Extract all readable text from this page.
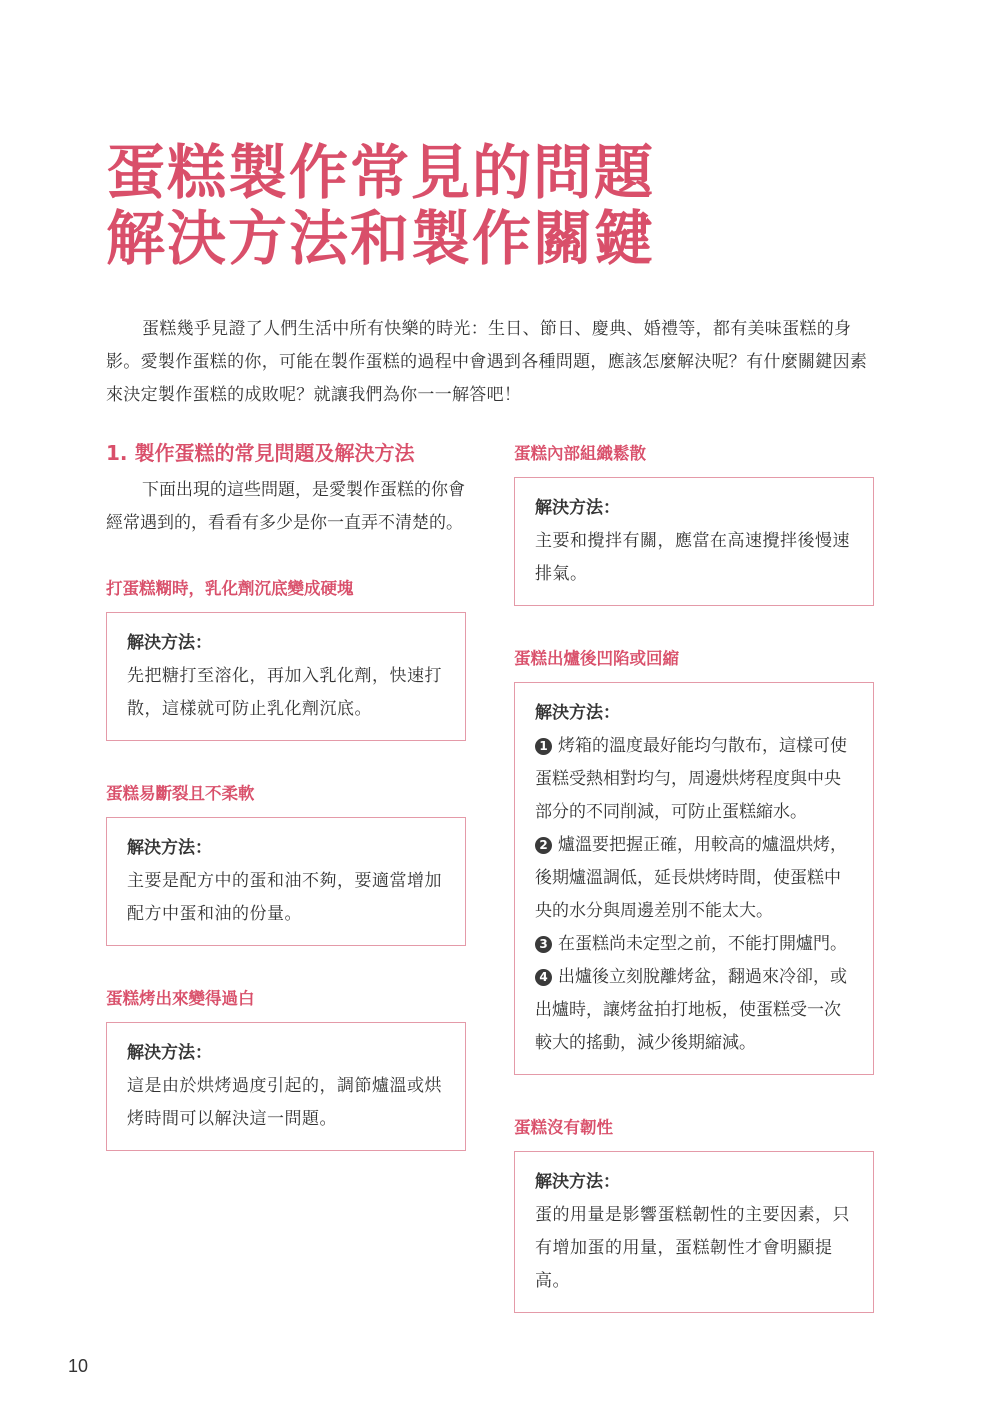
蛋糕製作常見的問題
解決方法和製作關鍵
蛋糕幾乎見證了人們生活中所有快樂的時光：生日、節日、慶典、婚禮等，都有美味蛋糕的身影。愛製作蛋糕的你，可能在製作蛋糕的過程中會遇到各種問題，應該怎麼解決呢？有什麼關鍵因素來決定製作蛋糕的成敗呢？就讓我們為你一一解答吧！
1. 製作蛋糕的常見問題及解決方法
下面出現的這些問題，是愛製作蛋糕的你會經常遇到的，看看有多少是你一直弄不清楚的。
打蛋糕糊時，乳化劑沉底變成硬塊
解決方法：
先把糖打至溶化，再加入乳化劑，快速打散，這樣就可防止乳化劑沉底。
蛋糕易斷裂且不柔軟
解決方法：
主要是配方中的蛋和油不夠，要適當增加配方中蛋和油的份量。
蛋糕烤出來變得過白
解決方法：
這是由於烘烤過度引起的，調節爐溫或烘烤時間可以解決這一問題。
蛋糕內部組織鬆散
解決方法：
主要和攪拌有關，應當在高速攪拌後慢速排氣。
蛋糕出爐後凹陷或回縮
解決方法：
1 烤箱的溫度最好能均勻散布，這樣可使蛋糕受熱相對均勻，周邊烘烤程度與中央部分的不同削減，可防止蛋糕縮水。
2 爐溫要把握正確，用較高的爐溫烘烤，後期爐溫調低，延長烘烤時間，使蛋糕中央的水分與周邊差別不能太大。
3 在蛋糕尚未定型之前，不能打開爐門。
4 出爐後立刻脫離烤盆，翻過來冷卻，或出爐時，讓烤盆拍打地板，使蛋糕受一次較大的搖動，減少後期縮減。
蛋糕沒有韌性
解決方法：
蛋的用量是影響蛋糕韌性的主要因素，只有增加蛋的用量，蛋糕韌性才會明顯提高。
10
